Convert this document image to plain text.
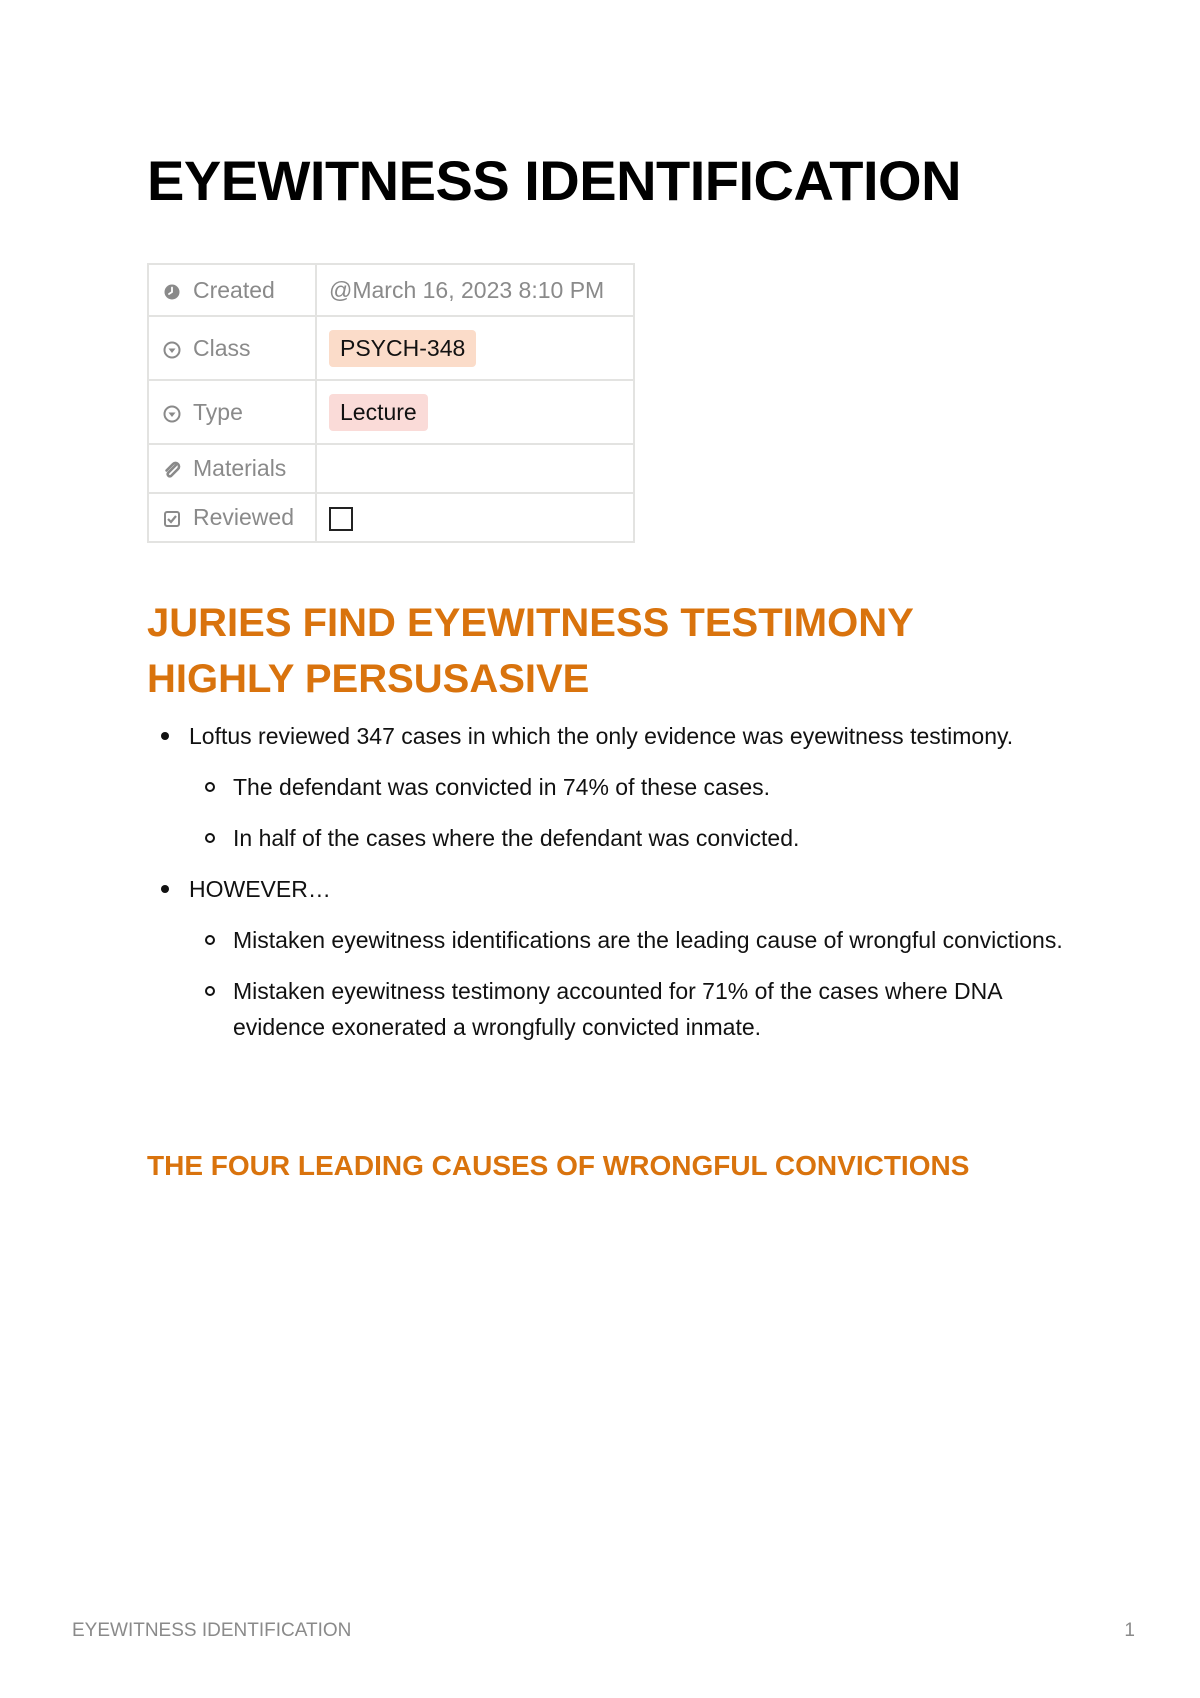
EYEWITNESS IDENTIFICATION
Created	@March 16, 2023 8:10 PM
Class	PSYCH-348
Type	Lecture
Materials	
Reviewed	
JURIES FIND EYEWITNESS TESTIMONY HIGHLY PERSUSASIVE
Loftus reviewed 347 cases in which the only evidence was eyewitness testimony.
The defendant was convicted in 74% of these cases.
In half of the cases where the defendant was convicted.
HOWEVER…
Mistaken eyewitness identifications are the leading cause of wrongful convictions.
Mistaken eyewitness testimony accounted for 71% of the cases where DNA evidence exonerated a wrongfully convicted inmate.
THE FOUR LEADING CAUSES OF WRONGFUL CONVICTIONS
EYEWITNESS IDENTIFICATION	1
